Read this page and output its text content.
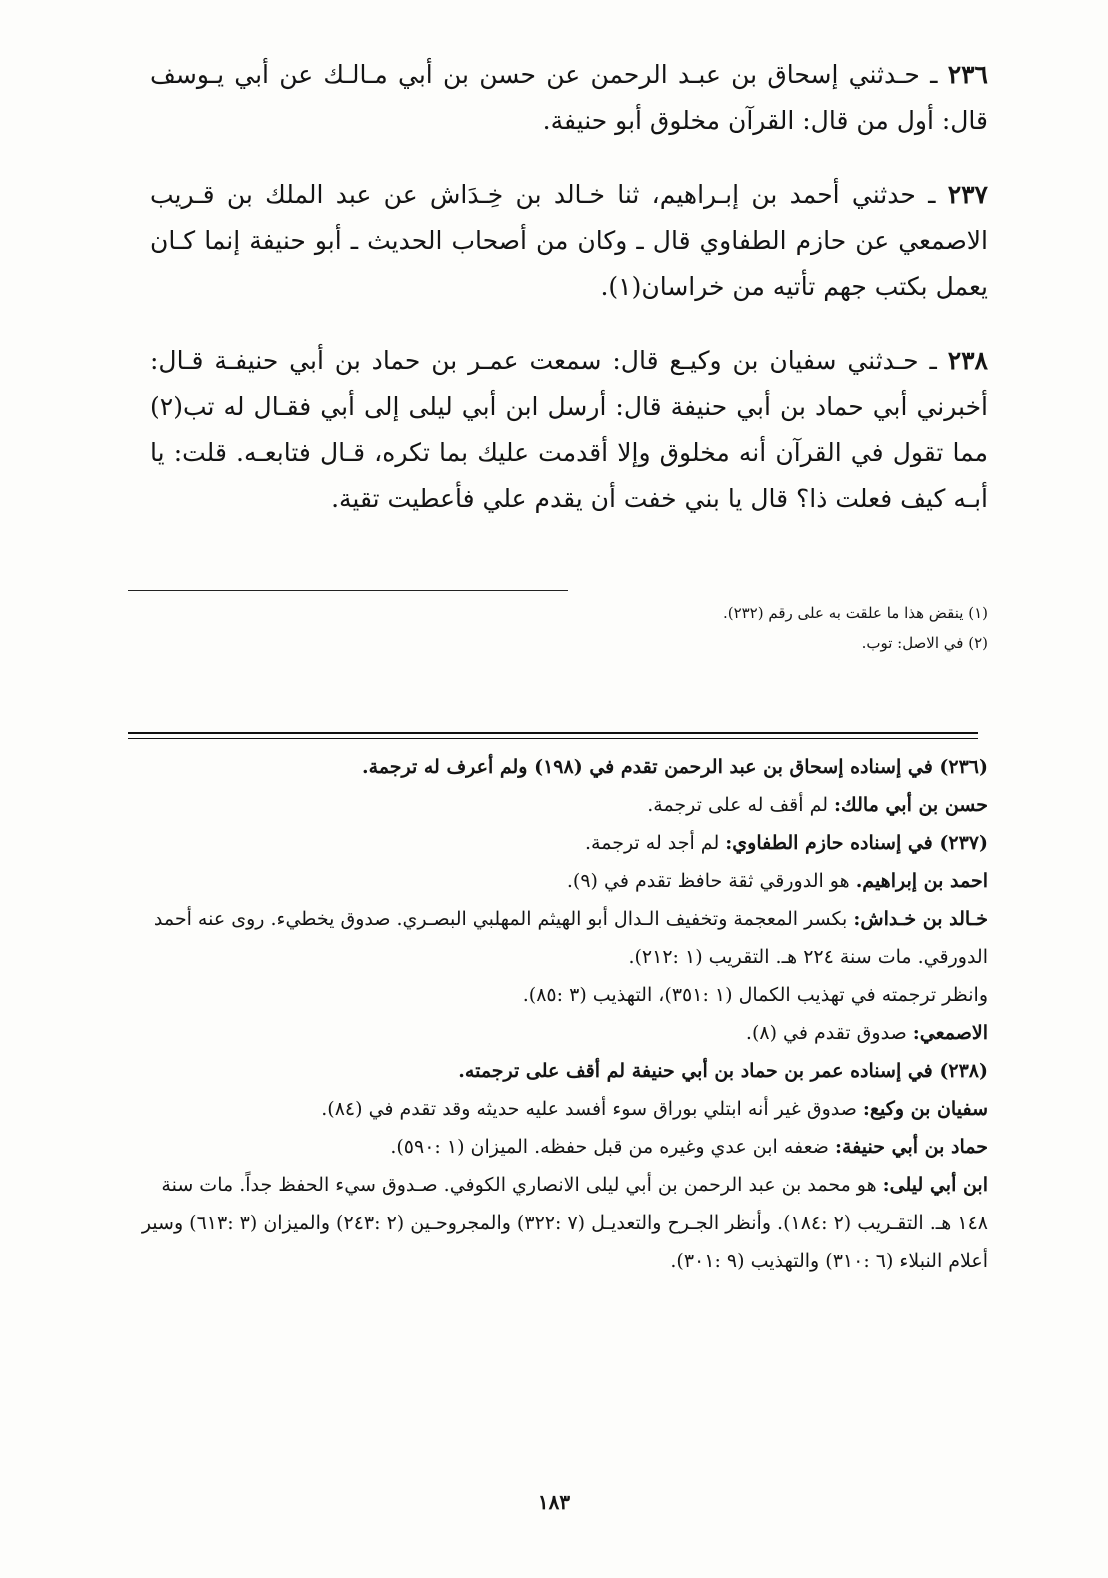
٢٣٦ ـ حـدثني إسحاق بن عبـد الرحمن عن حسن بن أبي مـالـك عن أبي يـوسف قال: أول من قال: القرآن مخلوق أبو حنيفة.

٢٣٧ ـ حدثني أحمد بن إبـراهيم، ثنا خـالد بن خِـدَاش عن عبد الملك بن قـريب الاصمعي عن حازم الطفاوي قال ـ وكان من أصحاب الحديث ـ أبو حنيفة إنما كـان يعمل بكتب جهم تأتيه من خراسان(١).

٢٣٨ ـ حـدثني سفيان بن وكيـع قال: سمعت عمـر بن حماد بن أبي حنيفـة قـال: أخبرني أبي حماد بن أبي حنيفة قال: أرسل ابن أبي ليلى إلى أبي فقـال له تب(٢) مما تقول في القرآن أنه مخلوق وإلا أقدمت عليك بما تكره، قـال فتابعـه. قلت: يا أبـه كيف فعلت ذا؟ قال يا بني خفت أن يقدم علي فأعطيت تقية.

(١) ينقض هذا ما علقت به على رقم (٢٣٢).
(٢) في الاصل: توب.

(٢٣٦) في إسناده إسحاق بن عبد الرحمن تقدم في (١٩٨) ولم أعرف له ترجمة.

حسن بن أبي مالك: لم أقف له على ترجمة.

(٢٣٧) في إسناده حازم الطفاوي: لم أجد له ترجمة.

احمد بن إبراهيم. هو الدورقي ثقة حافظ تقدم في (٩).

خـالد بن خـداش: بكسر المعجمة وتخفيف الـدال أبو الهيثم المهلبي البصـري. صدوق يخطيء. روى عنه أحمد الدورقي. مات سنة ٢٢٤ هـ. التقريب (١ :٢١٢).

وانظر ترجمته في تهذيب الكمال (١ :٣٥١)، التهذيب (٣ :٨٥).

الاصمعي: صدوق تقدم في (٨).

(٢٣٨) في إسناده عمر بن حماد بن أبي حنيفة لم أقف على ترجمته.

سفيان بن وكيع: صدوق غير أنه ابتلي بوراق سوء أفسد عليه حديثه وقد تقدم في (٨٤).

حماد بن أبي حنيفة: ضعفه ابن عدي وغيره من قبل حفظه. الميزان (١ :٥٩٠).

ابن أبي ليلى: هو محمد بن عبد الرحمن بن أبي ليلى الانصاري الكوفي. صـدوق سيء الحفظ جداً. مات سنة ١٤٨ هـ. التقـريب (٢ :١٨٤). وأنظر الجـرح والتعديـل (٧ :٣٢٢) والمجروحـين (٢ :٢٤٣) والميزان (٣ :٦١٣) وسير أعلام النبلاء (٦ :٣١٠) والتهذيب (٩ :٣٠١).

١٨٣
